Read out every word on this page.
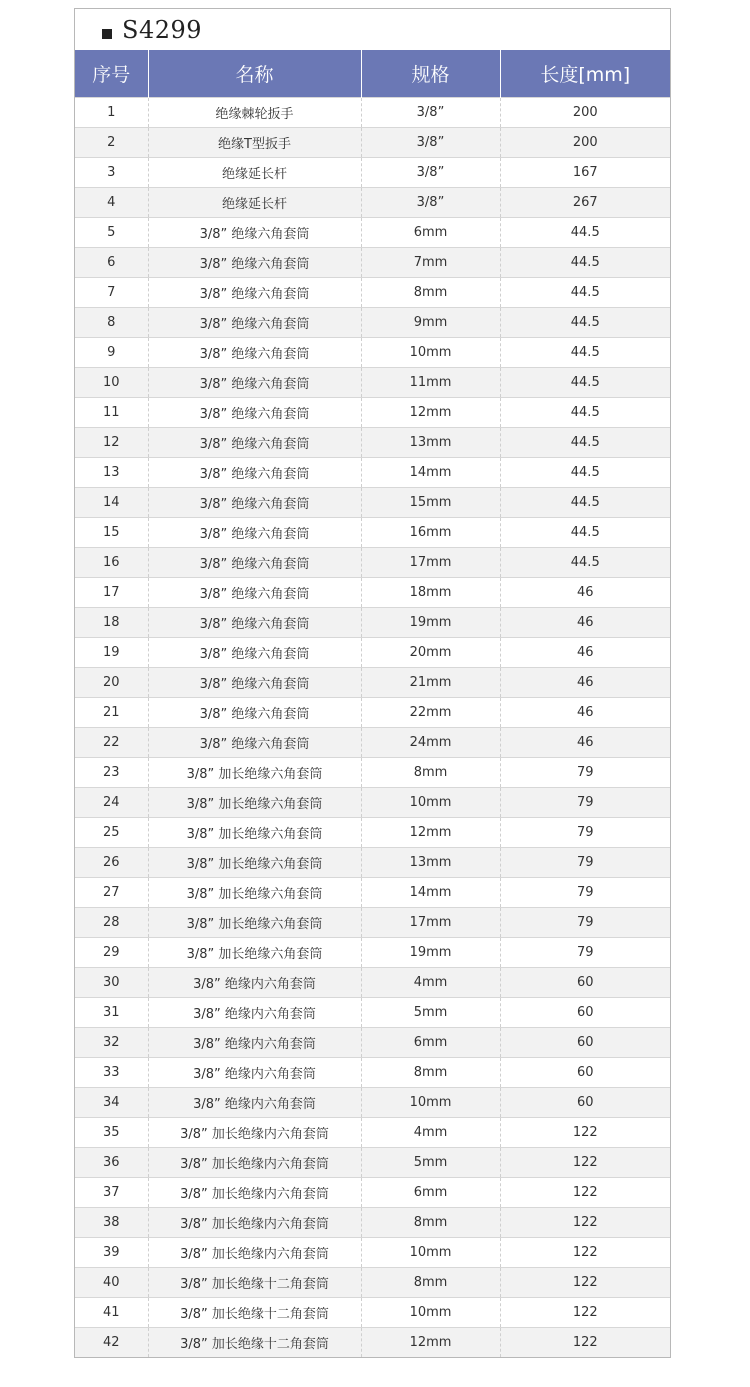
S4299
序号	名称	规格	长度[mm]
1	绝缘棘轮扳手	3/8”	200
2	绝缘T型扳手	3/8”	200
3	绝缘延长杆	3/8”	167
4	绝缘延长杆	3/8”	267
5	3/8” 绝缘六角套筒	6mm	44.5
6	3/8” 绝缘六角套筒	7mm	44.5
7	3/8” 绝缘六角套筒	8mm	44.5
8	3/8” 绝缘六角套筒	9mm	44.5
9	3/8” 绝缘六角套筒	10mm	44.5
10	3/8” 绝缘六角套筒	11mm	44.5
11	3/8” 绝缘六角套筒	12mm	44.5
12	3/8” 绝缘六角套筒	13mm	44.5
13	3/8” 绝缘六角套筒	14mm	44.5
14	3/8” 绝缘六角套筒	15mm	44.5
15	3/8” 绝缘六角套筒	16mm	44.5
16	3/8” 绝缘六角套筒	17mm	44.5
17	3/8” 绝缘六角套筒	18mm	46
18	3/8” 绝缘六角套筒	19mm	46
19	3/8” 绝缘六角套筒	20mm	46
20	3/8” 绝缘六角套筒	21mm	46
21	3/8” 绝缘六角套筒	22mm	46
22	3/8” 绝缘六角套筒	24mm	46
23	3/8” 加长绝缘六角套筒	8mm	79
24	3/8” 加长绝缘六角套筒	10mm	79
25	3/8” 加长绝缘六角套筒	12mm	79
26	3/8” 加长绝缘六角套筒	13mm	79
27	3/8” 加长绝缘六角套筒	14mm	79
28	3/8” 加长绝缘六角套筒	17mm	79
29	3/8” 加长绝缘六角套筒	19mm	79
30	3/8” 绝缘内六角套筒	4mm	60
31	3/8” 绝缘内六角套筒	5mm	60
32	3/8” 绝缘内六角套筒	6mm	60
33	3/8” 绝缘内六角套筒	8mm	60
34	3/8” 绝缘内六角套筒	10mm	60
35	3/8” 加长绝缘内六角套筒	4mm	122
36	3/8” 加长绝缘内六角套筒	5mm	122
37	3/8” 加长绝缘内六角套筒	6mm	122
38	3/8” 加长绝缘内六角套筒	8mm	122
39	3/8” 加长绝缘内六角套筒	10mm	122
40	3/8” 加长绝缘十二角套筒	8mm	122
41	3/8” 加长绝缘十二角套筒	10mm	122
42	3/8” 加长绝缘十二角套筒	12mm	122
